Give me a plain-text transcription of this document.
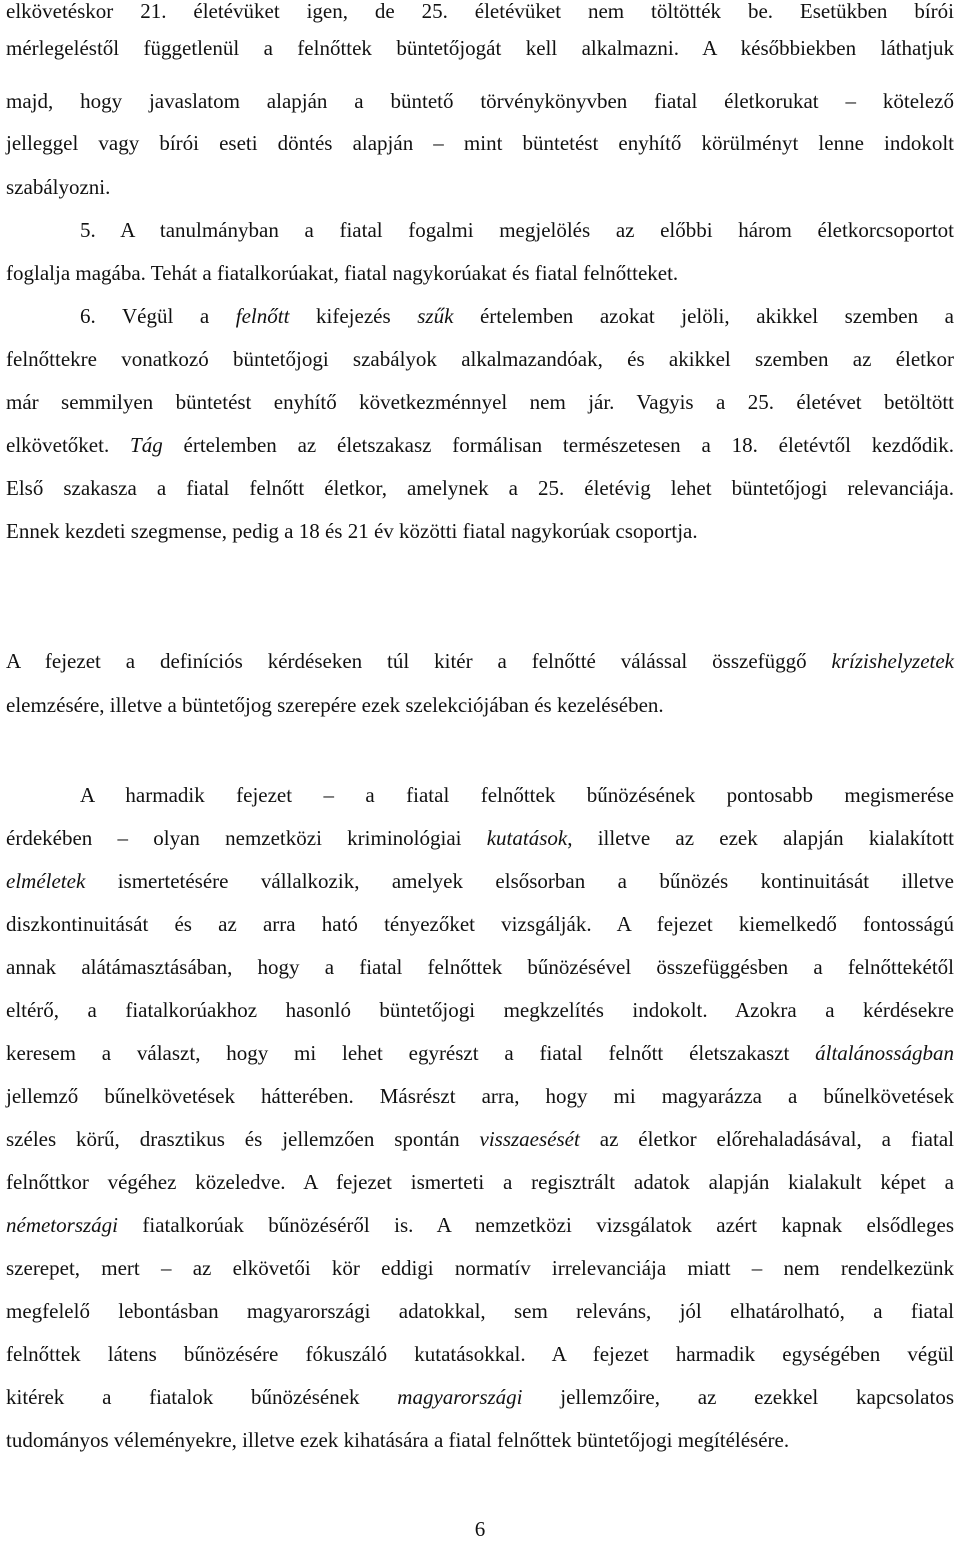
elkövetéskor 21. életévüket igen, de 25. életévüket nem töltötték be. Esetükben bírói
mérlegeléstől függetlenül a felnőttek büntetőjogát kell alkalmazni. A későbbiekben láthatjuk
majd, hogy javaslatom alapján a büntető törvénykönyvben fiatal életkorukat – kötelező
jelleggel vagy bírói eseti döntés alapján – mint büntetést enyhítő körülményt lenne indokolt
szabályozni.
5. A tanulmányban a fiatal fogalmi megjelölés az előbbi három életkorcsoportot
foglalja magába. Tehát a fiatalkorúakat, fiatal nagykorúakat és fiatal felnőtteket.
6. Végül a felnőtt kifejezés szűk értelemben azokat jelöli, akikkel szemben a
felnőttekre vonatkozó büntetőjogi szabályok alkalmazandóak, és akikkel szemben az életkor
már semmilyen büntetést enyhítő következménnyel nem jár. Vagyis a 25. életévet betöltött
elkövetőket. Tág értelemben az életszakasz formálisan természetesen a 18. életévtől kezdődik.
Első szakasza a fiatal felnőtt életkor, amelynek a 25. életévig lehet büntetőjogi relevanciája.
Ennek kezdeti szegmense, pedig a 18 és 21 év közötti fiatal nagykorúak csoportja.
A fejezet a definíciós kérdéseken túl kitér a felnőtté válással összefüggő krízishelyzetek
elemzésére, illetve a büntetőjog szerepére ezek szelekciójában és kezelésében.
A harmadik fejezet – a fiatal felnőttek bűnözésének pontosabb megismerése
érdekében – olyan nemzetközi kriminológiai kutatások, illetve az ezek alapján kialakított
elméletek ismertetésére vállalkozik, amelyek elsősorban a bűnözés kontinuitását illetve
diszkontinuitását és az arra ható tényezőket vizsgálják. A fejezet kiemelkedő fontosságú
annak alátámasztásában, hogy a fiatal felnőttek bűnözésével összefüggésben a felnőttekétől
eltérő, a fiatalkorúakhoz hasonló büntetőjogi megkzelítés indokolt. Azokra a kérdésekre
keresem a választ, hogy mi lehet egyrészt a fiatal felnőtt életszakaszt általánosságban
jellemző bűnelkövetések hátterében. Másrészt arra, hogy mi magyarázza a bűnelkövetések
széles körű, drasztikus és jellemzően spontán visszaesését az életkor előrehaladásával, a fiatal
felnőttkor végéhez közeledve. A fejezet ismerteti a regisztrált adatok alapján kialakult képet a
németországi fiatalkorúak bűnözéséről is. A nemzetközi vizsgálatok azért kapnak elsődleges
szerepet, mert – az elkövetői kör eddigi normatív irrelevanciája miatt – nem rendelkezünk
megfelelő lebontásban magyarországi adatokkal, sem releváns, jól elhatárolható, a fiatal
felnőttek látens bűnözésére fókuszáló kutatásokkal. A fejezet harmadik egységében végül
kitérek a fiatalok bűnözésének magyarországi jellemzőire, az ezekkel kapcsolatos
tudományos véleményekre, illetve ezek kihatására a fiatal felnőttek büntetőjogi megítélésére.
6
